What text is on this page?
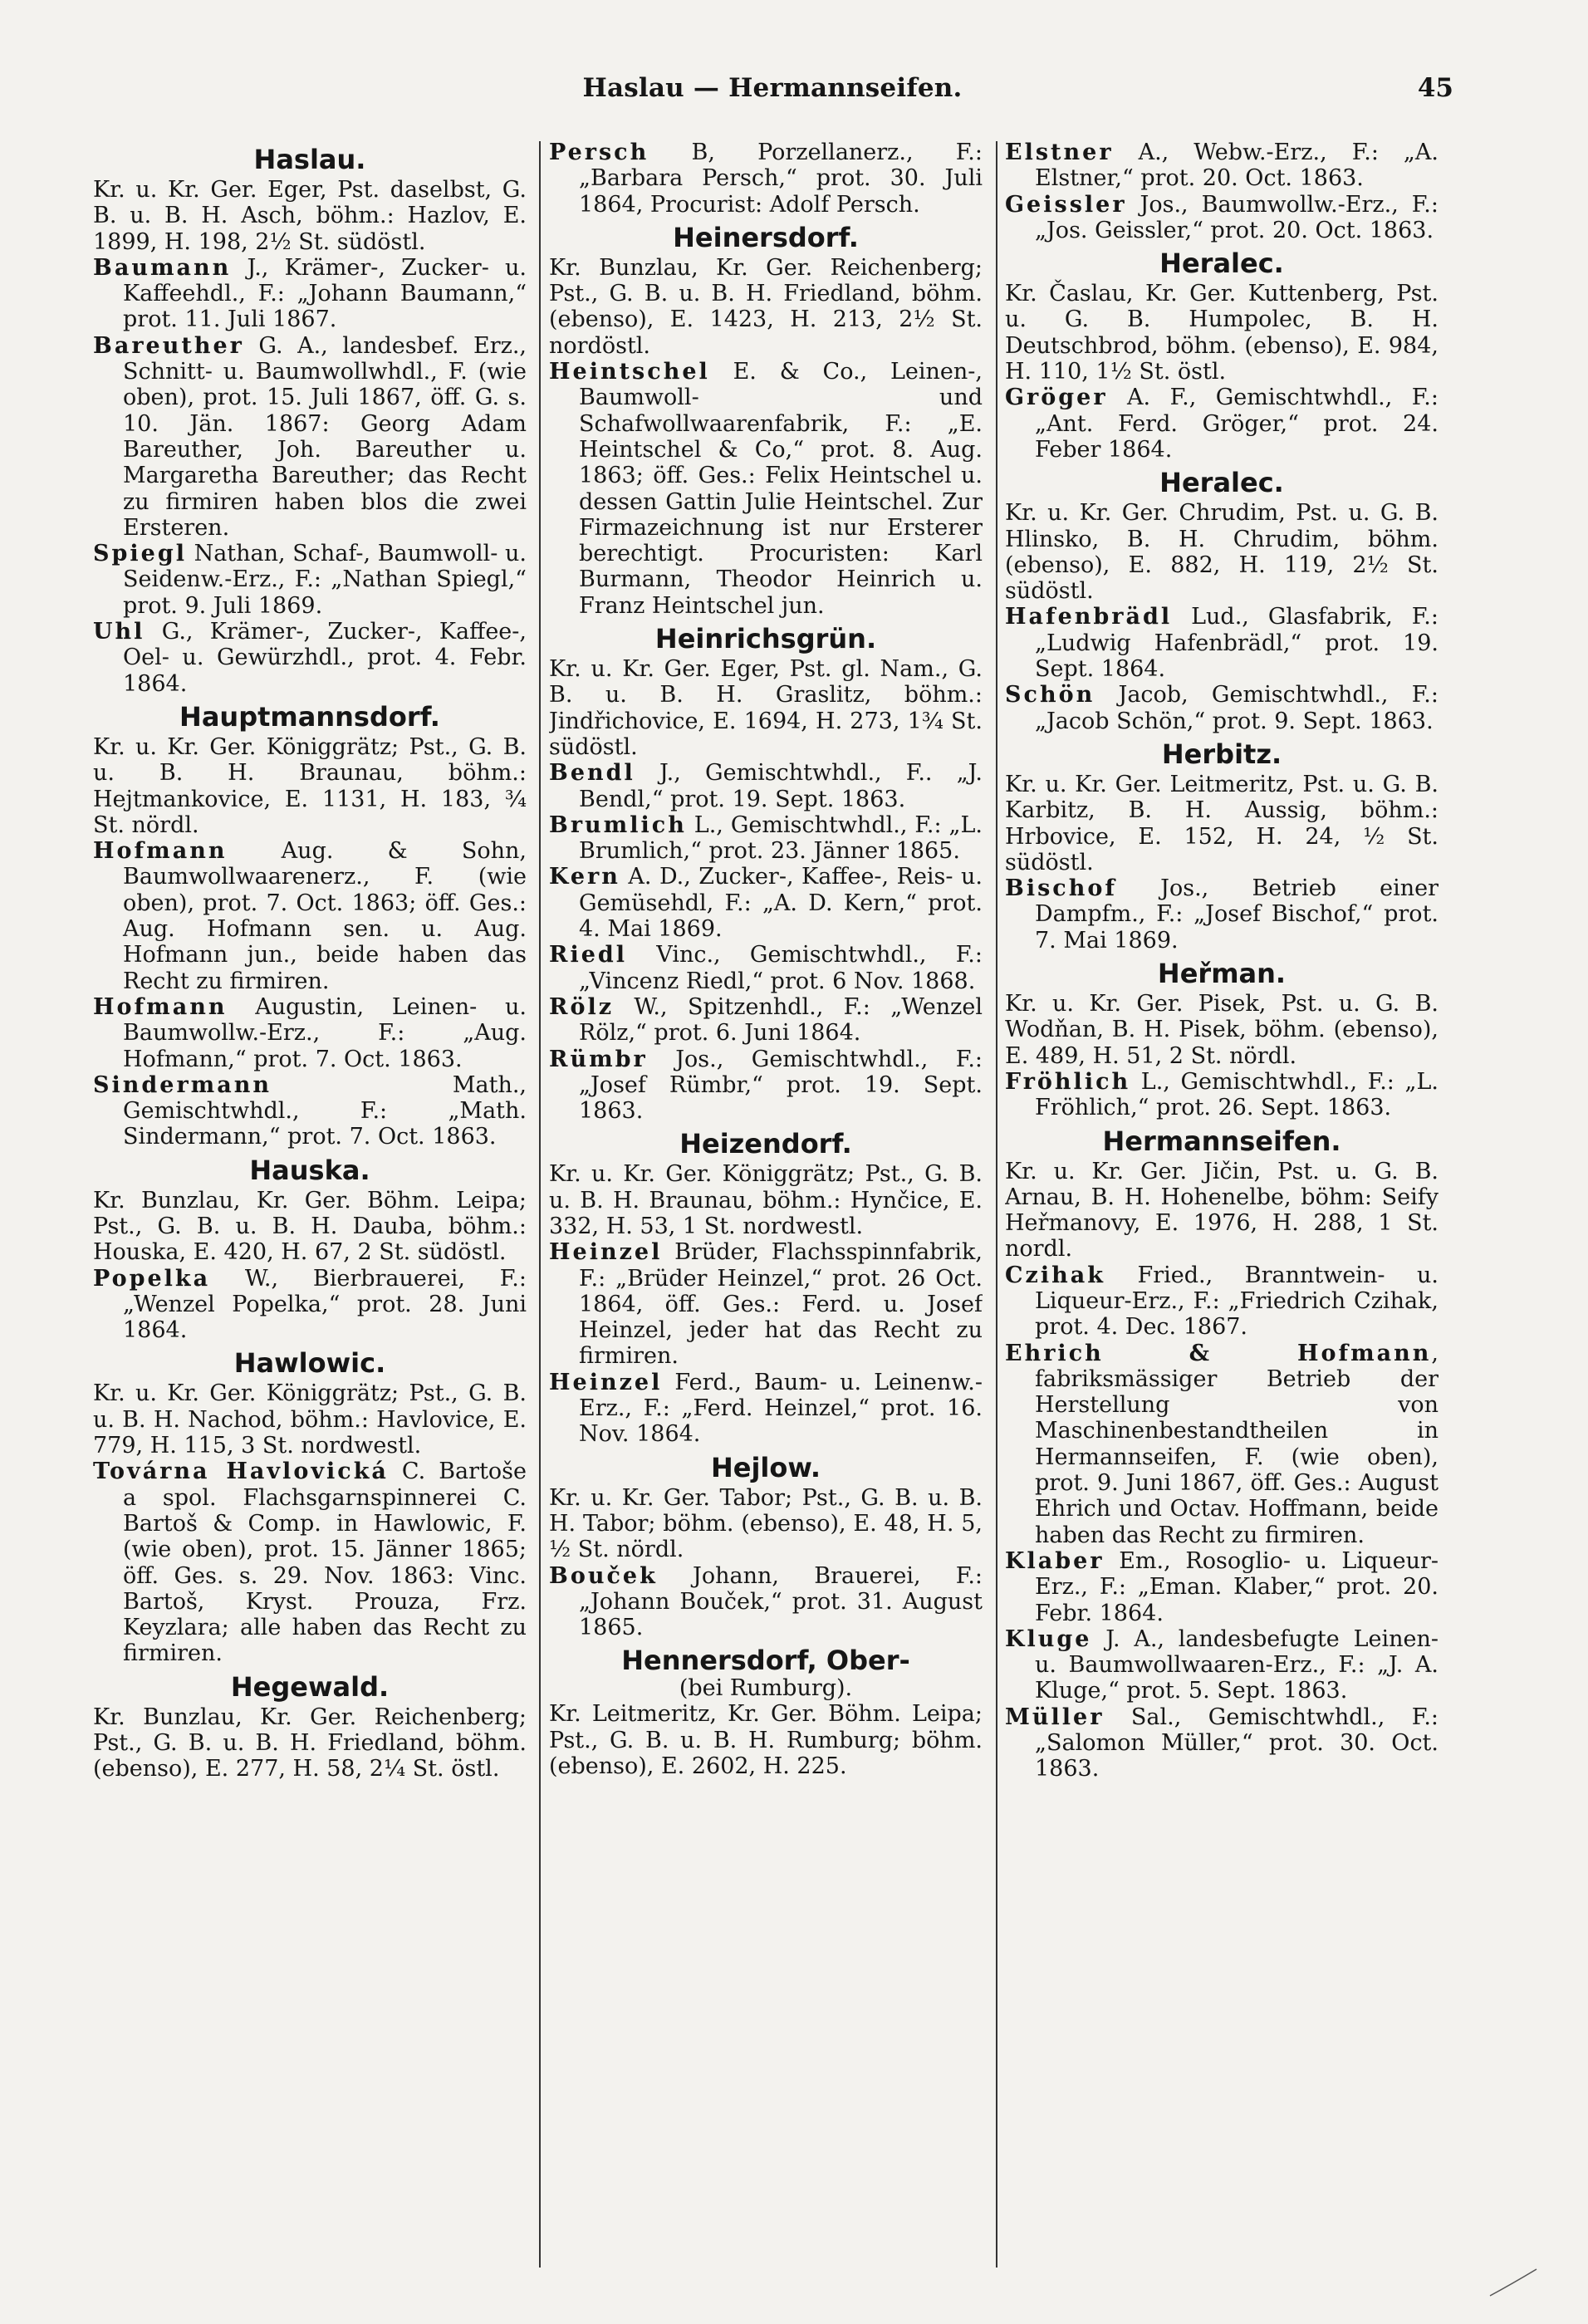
Haslau — Hermannseifen.	45
Haslau.

Kr. u. Kr. Ger. Eger, Pst. daselbst, G. B. u. B. H. Asch, böhm.: Hazlov, E. 1899, H. 198, 2½ St. südöstl.

Baumann J., Krämer-, Zucker- u. Kaffeehdl., F.: „Johann Baumann,“ prot. 11. Juli 1867.

Bareuther G. A., landesbef. Erz., Schnitt- u. Baumwollwhdl., F. (wie oben), prot. 15. Juli 1867, öff. G. s. 10. Jän. 1867: Georg Adam Bareuther, Joh. Bareuther u. Margaretha Bareuther; das Recht zu firmiren haben blos die zwei Ersteren.

Spiegl Nathan, Schaf-, Baumwoll- u. Seidenw.-Erz., F.: „Nathan Spiegl,“ prot. 9. Juli 1869.

Uhl G., Krämer-, Zucker-, Kaffee-, Oel- u. Gewürzhdl., prot. 4. Febr. 1864.

Hauptmannsdorf.

Kr. u. Kr. Ger. Königgrätz; Pst., G. B. u. B. H. Braunau, böhm.: Hejtmankovice, E. 1131, H. 183, ¾ St. nördl.

Hofmann Aug. & Sohn, Baumwollwaarenerz., F. (wie oben), prot. 7. Oct. 1863; öff. Ges.: Aug. Hofmann sen. u. Aug. Hofmann jun., beide haben das Recht zu firmiren.

Hofmann Augustin, Leinen- u. Baumwollw.-Erz., F.: „Aug. Hofmann,“ prot. 7. Oct. 1863.

Sindermann Math., Gemischtwhdl., F.: „Math. Sindermann,“ prot. 7. Oct. 1863.

Hauska.

Kr. Bunzlau, Kr. Ger. Böhm. Leipa; Pst., G. B. u. B. H. Dauba, böhm.: Houska, E. 420, H. 67, 2 St. südöstl.

Popelka W., Bierbrauerei, F.: „Wenzel Popelka,“ prot. 28. Juni 1864.

Hawlowic.

Kr. u. Kr. Ger. Königgrätz; Pst., G. B. u. B. H. Nachod, böhm.: Havlovice, E. 779, H. 115, 3 St. nordwestl.

Továrna Havlovická C. Bartoše a spol. Flachsgarnspinnerei C. Bartoš & Comp. in Hawlowic, F. (wie oben), prot. 15. Jänner 1865; öff. Ges. s. 29. Nov. 1863: Vinc. Bartoš, Kryst. Prouza, Frz. Keyzlara; alle haben das Recht zu firmiren.

Hegewald.

Kr. Bunzlau, Kr. Ger. Reichenberg; Pst., G. B. u. B. H. Friedland, böhm. (ebenso), E. 277, H. 58, 2¼ St. östl.

Persch B, Porzellanerz., F.: „Barbara Persch,“ prot. 30. Juli 1864, Procurist: Adolf Persch.

Heinersdorf.

Kr. Bunzlau, Kr. Ger. Reichenberg; Pst., G. B. u. B. H. Friedland, böhm. (ebenso), E. 1423, H. 213, 2½ St. nordöstl.

Heintschel E. & Co., Leinen-, Baumwoll- und Schafwollwaarenfabrik, F.: „E. Heintschel & Co,“ prot. 8. Aug. 1863; öff. Ges.: Felix Heintschel u. dessen Gattin Julie Heintschel. Zur Firmazeichnung ist nur Ersterer berechtigt. Procuristen: Karl Burmann, Theodor Heinrich u. Franz Heintschel jun.

Heinrichsgrün.

Kr. u. Kr. Ger. Eger, Pst. gl. Nam., G. B. u. B. H. Graslitz, böhm.: Jindřichovice, E. 1694, H. 273, 1¾ St. südöstl.

Bendl J., Gemischtwhdl., F.. „J. Bendl,“ prot. 19. Sept. 1863.

Brumlich L., Gemischtwhdl., F.: „L. Brumlich,“ prot. 23. Jänner 1865.

Kern A. D., Zucker-, Kaffee-, Reis- u. Gemüsehdl, F.: „A. D. Kern,“ prot. 4. Mai 1869.

Riedl Vinc., Gemischtwhdl., F.: „Vincenz Riedl,“ prot. 6 Nov. 1868.

Rölz W., Spitzenhdl., F.: „Wenzel Rölz,“ prot. 6. Juni 1864.

Rümbr Jos., Gemischtwhdl., F.: „Josef Rümbr,“ prot. 19. Sept. 1863.

Heizendorf.

Kr. u. Kr. Ger. Königgrätz; Pst., G. B. u. B. H. Braunau, böhm.: Hynčice, E. 332, H. 53, 1 St. nordwestl.

Heinzel Brüder, Flachsspinnfabrik, F.: „Brüder Heinzel,“ prot. 26 Oct. 1864, öff. Ges.: Ferd. u. Josef Heinzel, jeder hat das Recht zu firmiren.

Heinzel Ferd., Baum- u. Leinenw.-Erz., F.: „Ferd. Heinzel,“ prot. 16. Nov. 1864.

Hejlow.

Kr. u. Kr. Ger. Tabor; Pst., G. B. u. B. H. Tabor; böhm. (ebenso), E. 48, H. 5, ½ St. nördl.

Bouček Johann, Brauerei, F.: „Johann Bouček,“ prot. 31. August 1865.

Hennersdorf, Ober-
(bei Rumburg).

Kr. Leitmeritz, Kr. Ger. Böhm. Leipa; Pst., G. B. u. B. H. Rumburg; böhm. (ebenso), E. 2602, H. 225.

Elstner A., Webw.-Erz., F.: „A. Elstner,“ prot. 20. Oct. 1863.

Geissler Jos., Baumwollw.-Erz., F.: „Jos. Geissler,“ prot. 20. Oct. 1863.

Heralec.

Kr. Časlau, Kr. Ger. Kuttenberg, Pst. u. G. B. Humpolec, B. H. Deutschbrod, böhm. (ebenso), E. 984, H. 110, 1½ St. östl.

Gröger A. F., Gemischtwhdl., F.: „Ant. Ferd. Gröger,“ prot. 24. Feber 1864.

Heralec.

Kr. u. Kr. Ger. Chrudim, Pst. u. G. B. Hlinsko, B. H. Chrudim, böhm. (ebenso), E. 882, H. 119, 2½ St. südöstl.

Hafenbrädl Lud., Glasfabrik, F.: „Ludwig Hafenbrädl,“ prot. 19. Sept. 1864.

Schön Jacob, Gemischtwhdl., F.: „Jacob Schön,“ prot. 9. Sept. 1863.

Herbitz.

Kr. u. Kr. Ger. Leitmeritz, Pst. u. G. B. Karbitz, B. H. Aussig, böhm.: Hrbovice, E. 152, H. 24, ½ St. südöstl.

Bischof Jos., Betrieb einer Dampfm., F.: „Josef Bischof,“ prot. 7. Mai 1869.

Heřman.

Kr. u. Kr. Ger. Pisek, Pst. u. G. B. Wodňan, B. H. Pisek, böhm. (ebenso), E. 489, H. 51, 2 St. nördl.

Fröhlich L., Gemischtwhdl., F.: „L. Fröhlich,“ prot. 26. Sept. 1863.

Hermannseifen.

Kr. u. Kr. Ger. Jičin, Pst. u. G. B. Arnau, B. H. Hohenelbe, böhm: Seify Heřmanovy, E. 1976, H. 288, 1 St. nordl.

Czihak Fried., Branntwein- u. Liqueur-Erz., F.: „Friedrich Czihak, prot. 4. Dec. 1867.

Ehrich & Hofmann, fabriksmässiger Betrieb der Herstellung von Maschinenbestandtheilen in Hermannseifen, F. (wie oben), prot. 9. Juni 1867, öff. Ges.: August Ehrich und Octav. Hoffmann, beide haben das Recht zu firmiren.

Klaber Em., Rosoglio- u. Liqueur-Erz., F.: „Eman. Klaber,“ prot. 20. Febr. 1864.

Kluge J. A., landesbefugte Leinen- u. Baumwollwaaren-Erz., F.: „J. A. Kluge,“ prot. 5. Sept. 1863.

Müller Sal., Gemischtwhdl., F.: „Salomon Müller,“ prot. 30. Oct. 1863.
